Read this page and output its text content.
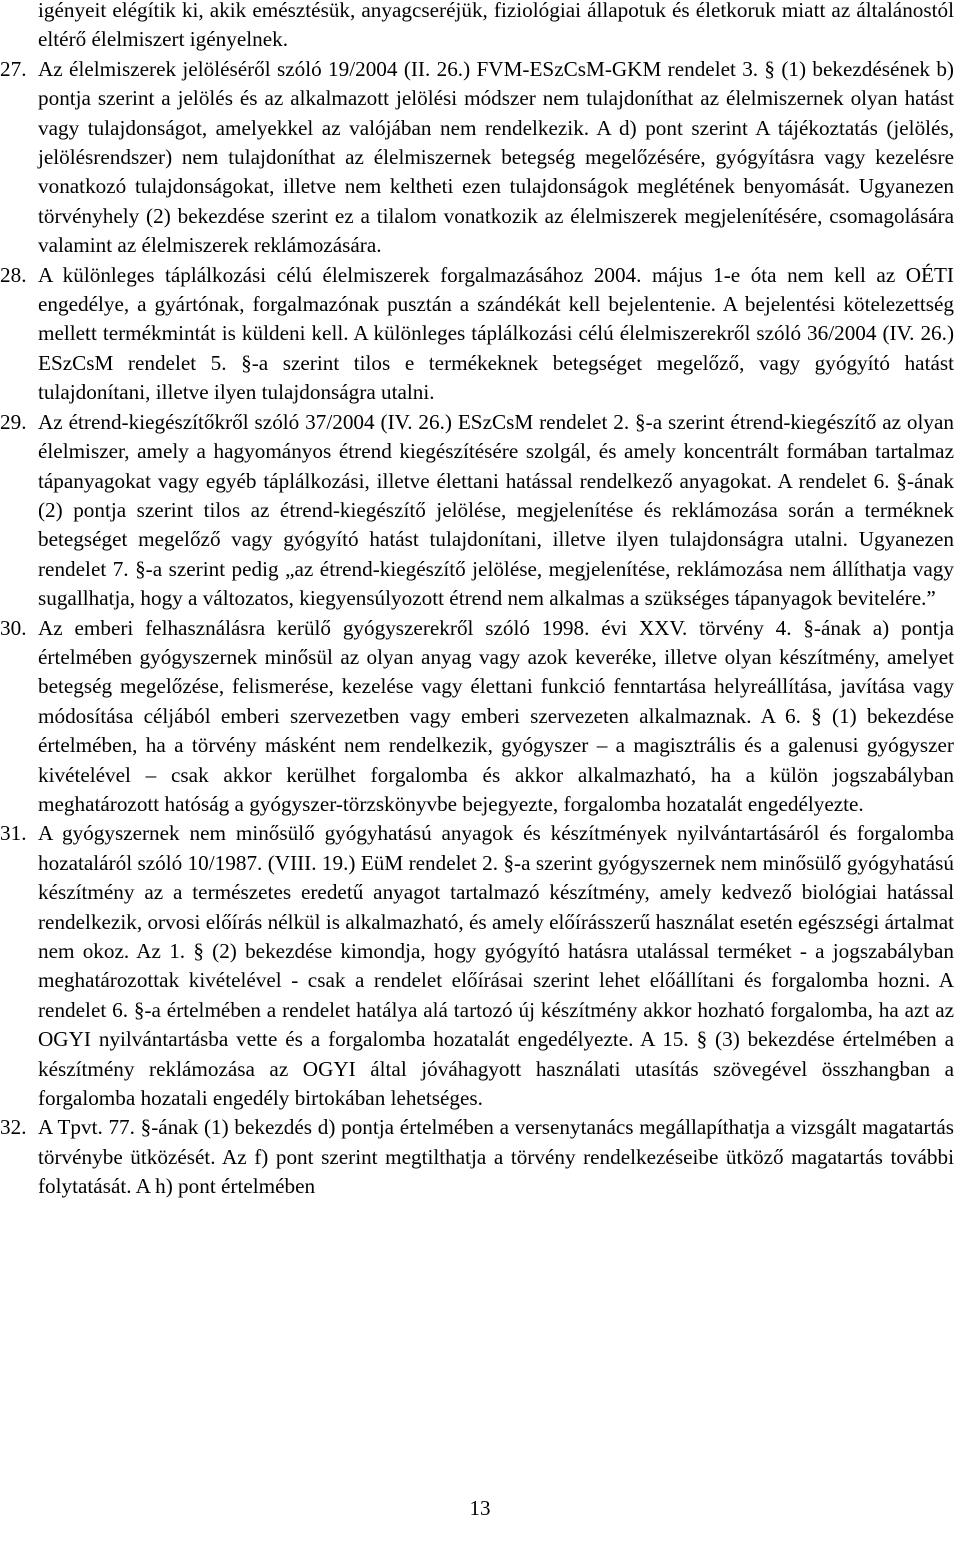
igényeit elégítik ki, akik emésztésük, anyagcseréjük, fiziológiai állapotuk és életkoruk miatt az általánostól eltérő élelmiszert igényelnek.
27. Az élelmiszerek jelöléséről szóló 19/2004 (II. 26.) FVM-ESzCsM-GKM rendelet 3. § (1) bekezdésének b) pontja szerint a jelölés és az alkalmazott jelölési módszer nem tulajdoníthat az élelmiszernek olyan hatást vagy tulajdonságot, amelyekkel az valójában nem rendelkezik. A d) pont szerint A tájékoztatás (jelölés, jelölésrendszer) nem tulajdoníthat az élelmiszernek betegség megelőzésére, gyógyításra vagy kezelésre vonatkozó tulajdonságokat, illetve nem keltheti ezen tulajdonságok meglétének benyomását. Ugyanezen törvényhely (2) bekezdése szerint ez a tilalom vonatkozik az élelmiszerek megjelenítésére, csomagolására valamint az élelmiszerek reklámozására.
28. A különleges táplálkozási célú élelmiszerek forgalmazásához 2004. május 1-e óta nem kell az OÉTI engedélye, a gyártónak, forgalmazónak pusztán a szándékát kell bejelentenie. A bejelentési kötelezettség mellett termékmintát is küldeni kell. A különleges táplálkozási célú élelmiszerekről szóló 36/2004 (IV. 26.) ESzCsM rendelet 5. §-a szerint tilos e termékeknek betegséget megelőző, vagy gyógyító hatást tulajdonítani, illetve ilyen tulajdonságra utalni.
29. Az étrend-kiegészítőkről szóló 37/2004 (IV. 26.) ESzCsM rendelet 2. §-a szerint étrend-kiegészítő az olyan élelmiszer, amely a hagyományos étrend kiegészítésére szolgál, és amely koncentrált formában tartalmaz tápanyagokat vagy egyéb táplálkozási, illetve élettani hatással rendelkező anyagokat. A rendelet 6. §-ának (2) pontja szerint tilos az étrend-kiegészítő jelölése, megjelenítése és reklámozása során a terméknek betegséget megelőző vagy gyógyító hatást tulajdonítani, illetve ilyen tulajdonságra utalni. Ugyanezen rendelet 7. §-a szerint pedig „az étrend-kiegészítő jelölése, megjelenítése, reklámozása nem állíthatja vagy sugallhatja, hogy a változatos, kiegyensúlyozott étrend nem alkalmas a szükséges tápanyagok bevitelére.”
30. Az emberi felhasználásra kerülő gyógyszerekről szóló 1998. évi XXV. törvény 4. §-ának a) pontja értelmében gyógyszernek minősül az olyan anyag vagy azok keveréke, illetve olyan készítmény, amelyet betegség megelőzése, felismerése, kezelése vagy élettani funkció fenntartása helyreállítása, javítása vagy módosítása céljából emberi szervezetben vagy emberi szervezeten alkalmaznak. A 6. § (1) bekezdése értelmében, ha a törvény másként nem rendelkezik, gyógyszer – a magisztrális és a galenusi gyógyszer kivételével – csak akkor kerülhet forgalomba és akkor alkalmazható, ha a külön jogszabályban meghatározott hatóság a gyógyszer-törzskönyvbe bejegyezte, forgalomba hozatalát engedélyezte.
31. A gyógyszernek nem minősülő gyógyhatású anyagok és készítmények nyilvántartásáról és forgalomba hozataláról szóló 10/1987. (VIII. 19.) EüM rendelet 2. §-a szerint gyógyszernek nem minősülő gyógyhatású készítmény az a természetes eredetű anyagot tartalmazó készítmény, amely kedvező biológiai hatással rendelkezik, orvosi előírás nélkül is alkalmazható, és amely előírásszerű használat esetén egészségi ártalmat nem okoz. Az 1. § (2) bekezdése kimondja, hogy gyógyító hatásra utalással terméket - a jogszabályban meghatározottak kivételével - csak a rendelet előírásai szerint lehet előállítani és forgalomba hozni. A rendelet 6. §-a értelmében a rendelet hatálya alá tartozó új készítmény akkor hozható forgalomba, ha azt az OGYI nyilvántartásba vette és a forgalomba hozatalát engedélyezte. A 15. § (3) bekezdése értelmében a készítmény reklámozása az OGYI által jóváhagyott használati utasítás szövegével összhangban a forgalomba hozatali engedély birtokában lehetséges.
32. A Tpvt. 77. §-ának (1) bekezdés d) pontja értelmében a versenytanács megállapíthatja a vizsgált magatartás törvénybe ütközését. Az f) pont szerint megtilthatja a törvény rendelkezéseibe ütköző magatartás további folytatását. A h) pont értelmében
13
